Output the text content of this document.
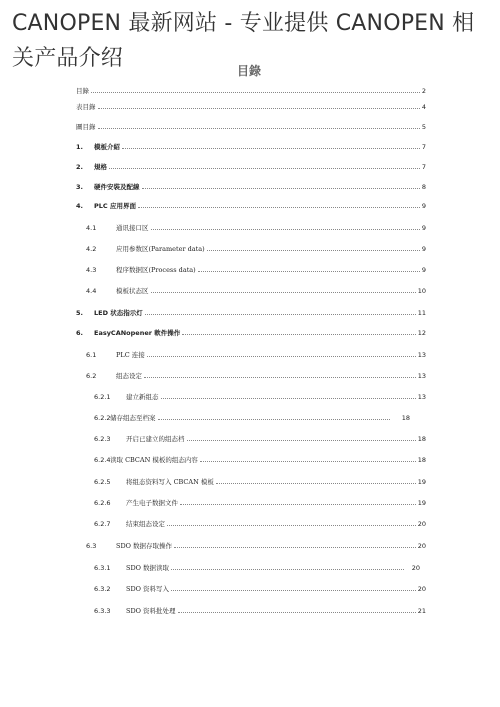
CANOPEN 最新网站 - 专业提供 CANOPEN 相关产品介绍	目錄
目錄	2
表目錄	4
圖目錄	5
1.	模板介紹	7
2.	規格	7
3.	硬件安裝及配線	8
4.	PLC 应用界面	9
4.1	通讯接口区	9
4.2	应用参数区(Parameter data)	9
4.3	程序数据区(Process data)	9
4.4	模板状态区	10
5.	LED 状态指示灯	11
6.	EasyCANopener 軟件操作	12
6.1	PLC 连接	13
6.2	组态设定	13
6.2.1	建立新组态	13
6.2.2 储存组态至档案	18
6.2.3	开启已建立的组态档	18
6.2.4 读取 CBCAN 模板的组态内容	18
6.2.5	将组态资料写入 CBCAN 模板	19
6.2.6	产生电子数据文件	19
6.2.7	结束组态设定	20
6.3	SDO 数据存取操作	20
6.3.1	SDO 数据读取	20
6.3.2	SDO 资料写入	20
6.3.3	SDO 资料批处理	21
